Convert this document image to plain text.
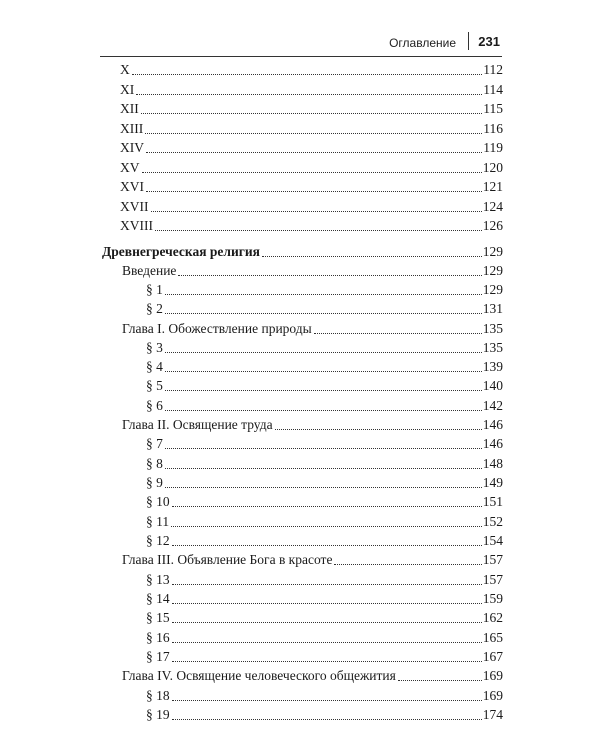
Оглавление 231
X	112
XI	114
XII	115
XIII	116
XIV	119
XV	120
XVI	121
XVII	124
XVIII	126
Древнегреческая религия	129
Введение	129
§ 1	129
§ 2	131
Глава I. Обожествление природы	135
§ 3	135
§ 4	139
§ 5	140
§ 6	142
Глава II. Освящение труда	146
§ 7	146
§ 8	148
§ 9	149
§ 10	151
§ 11	152
§ 12	154
Глава III. Объявление Бога в красоте	157
§ 13	157
§ 14	159
§ 15	162
§ 16	165
§ 17	167
Глава IV. Освящение человеческого общежития	169
§ 18	169
§ 19	174
